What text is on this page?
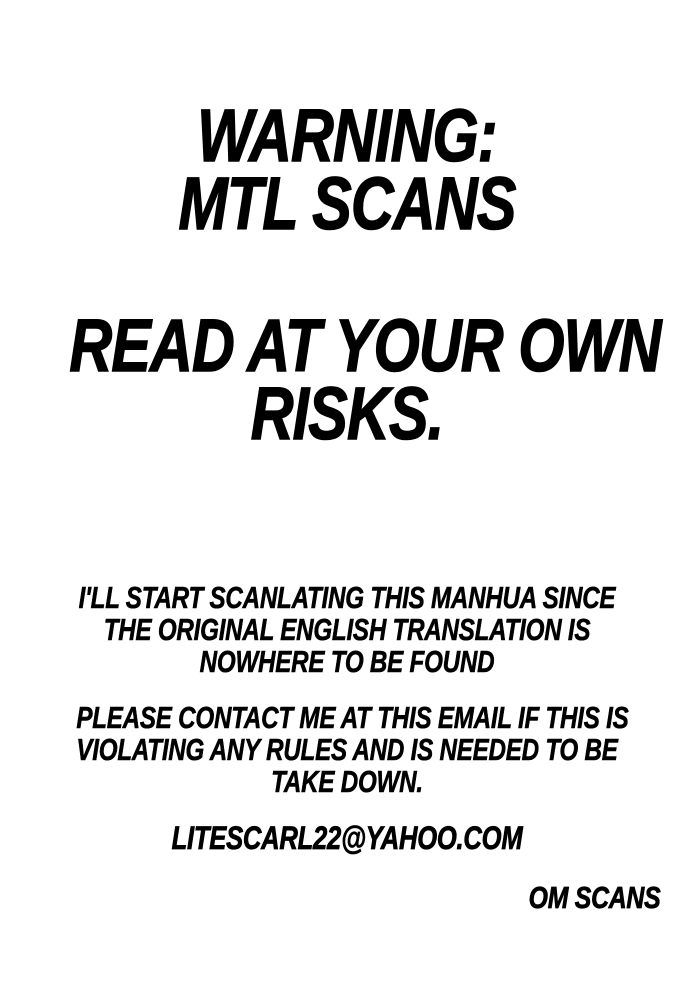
WARNING:
MTL SCANS
READ AT YOUR OWN
RISKS.
I'LL START SCANLATING THIS MANHUA SINCE
THE ORIGINAL ENGLISH TRANSLATION IS
NOWHERE TO BE FOUND
PLEASE CONTACT ME AT THIS EMAIL IF THIS IS
VIOLATING ANY RULES AND IS NEEDED TO BE
TAKE DOWN.
LITESCARL22@YAHOO.COM
OM SCANS
